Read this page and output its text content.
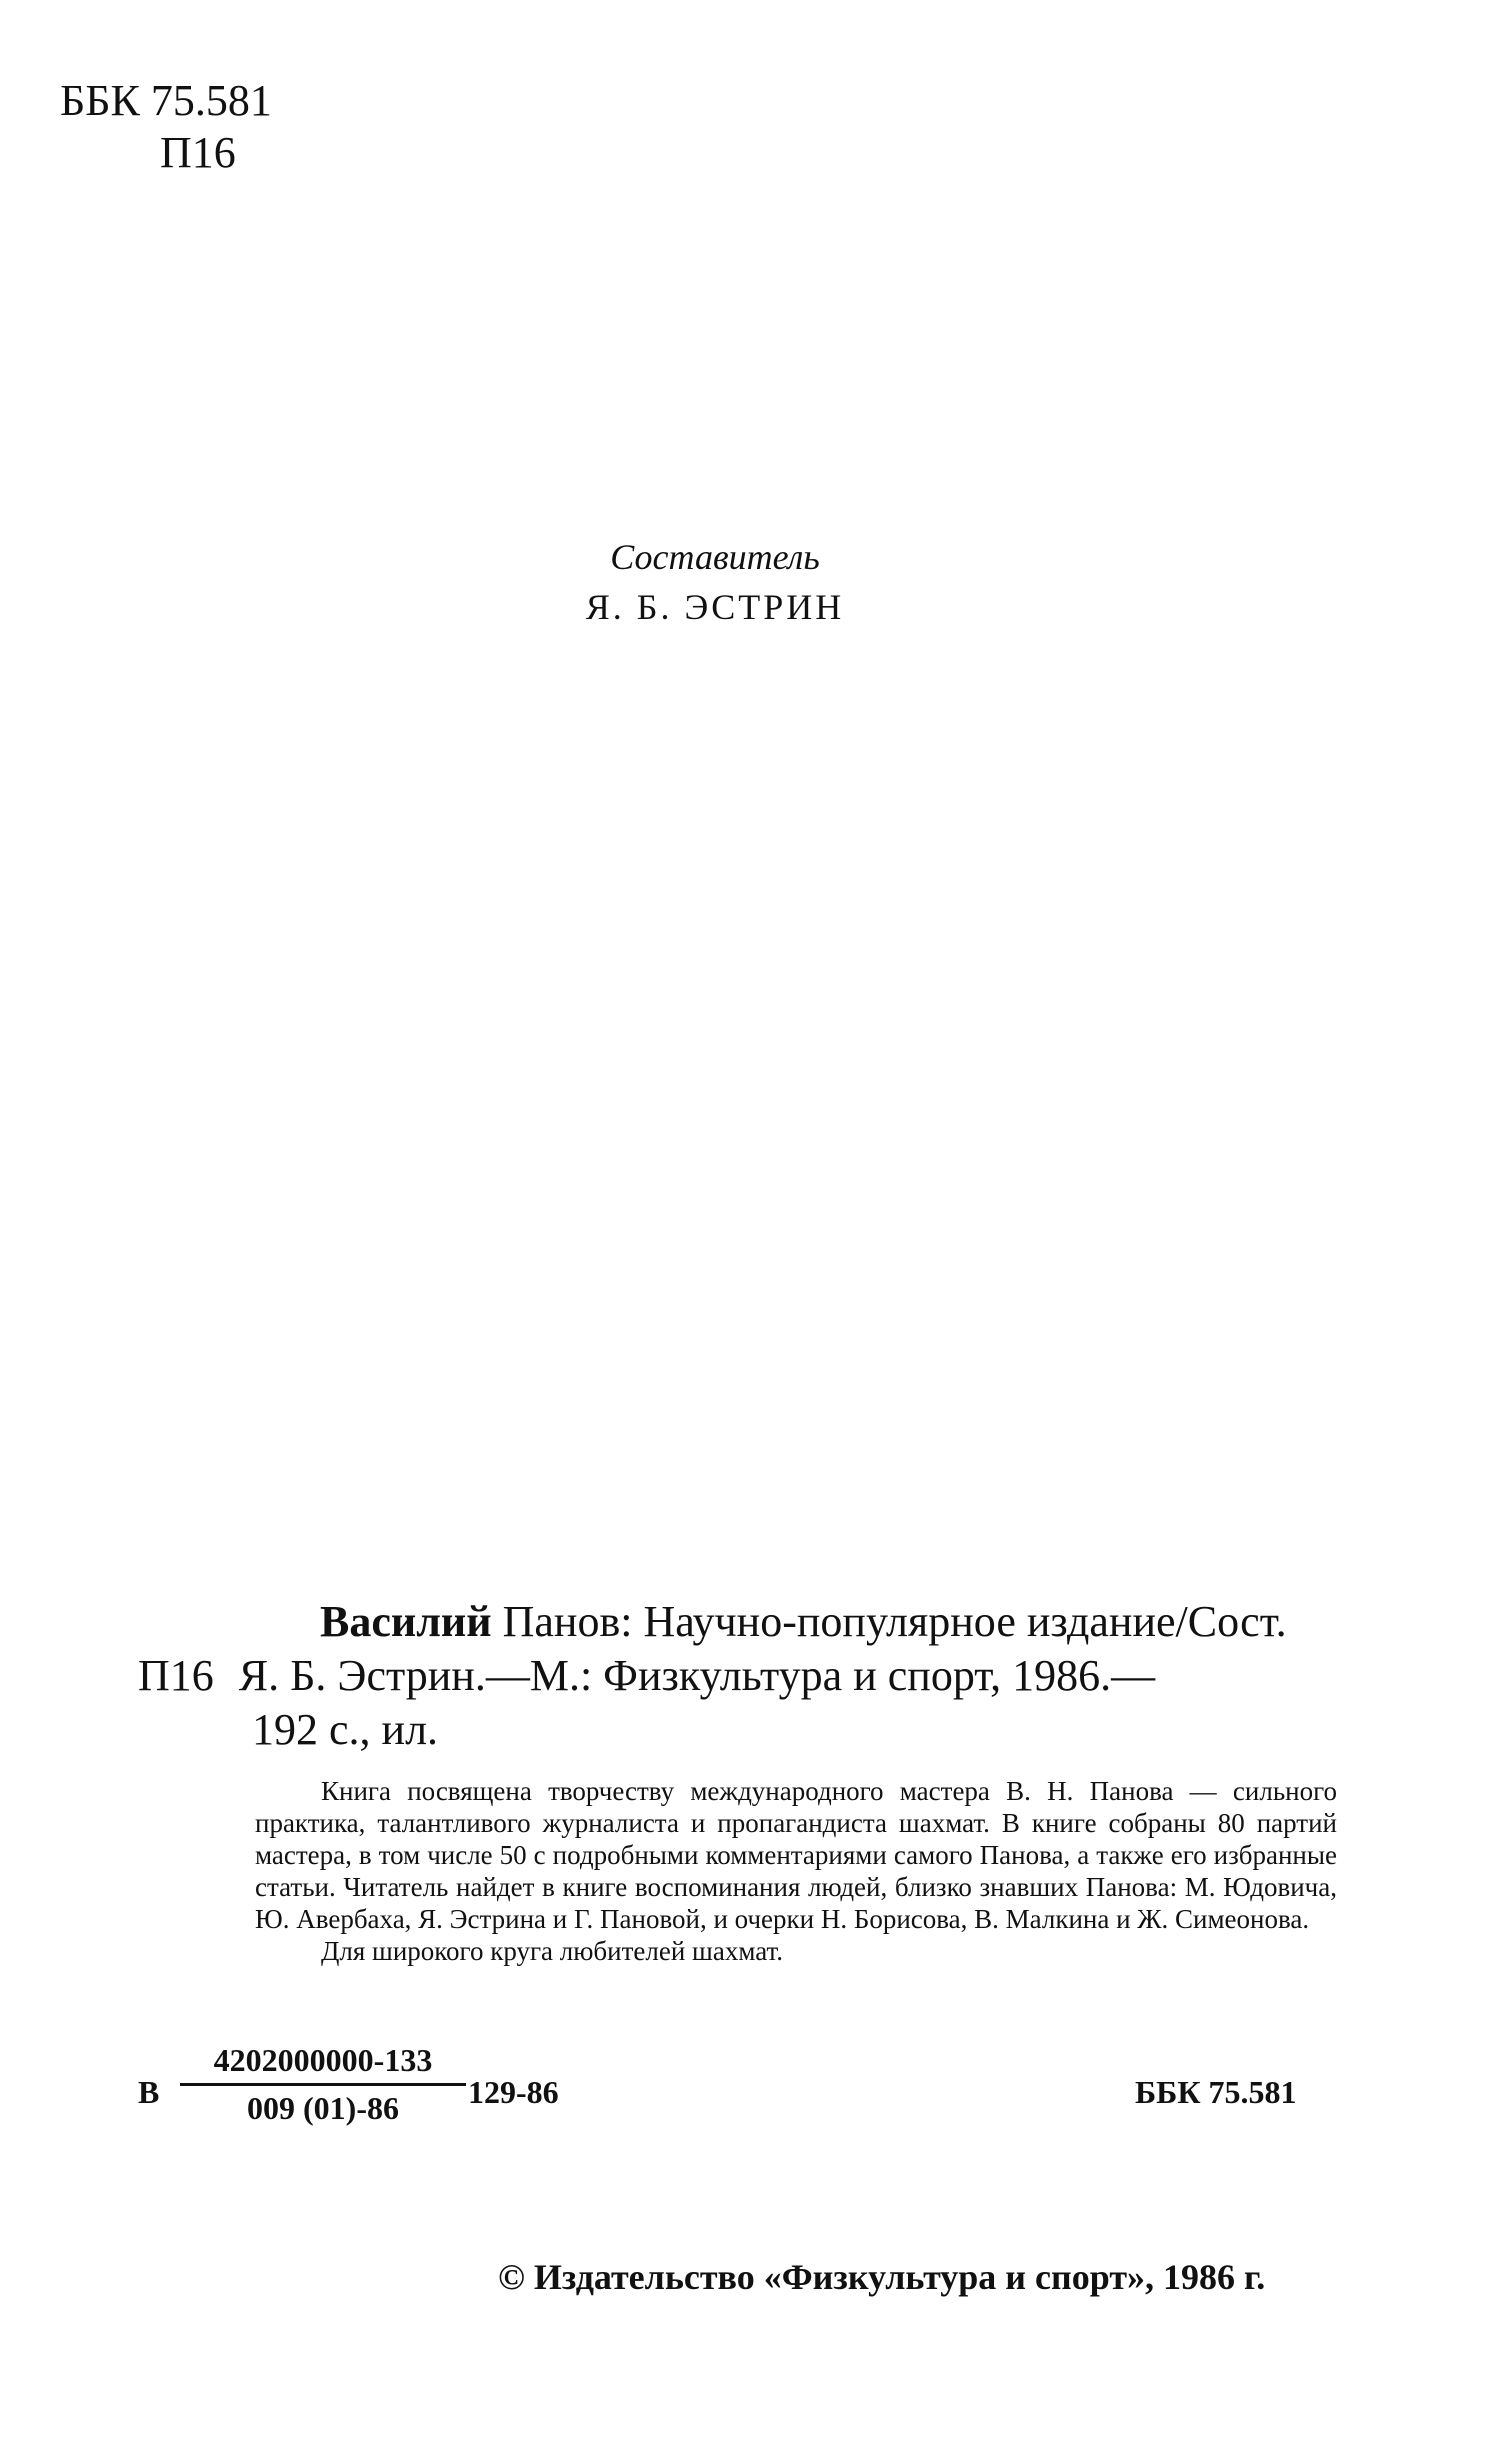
ББК 75.581
П16
Составитель
Я. Б. ЭСТРИН
Василий Панов: Научно-популярное издание/Сост.
П16 Я. Б. Эстрин.—М.: Физкультура и спорт, 1986.—
192 с., ил.
Книга посвящена творчеству международного мастера В. Н. Панова — сильного практика, талантливого журналиста и пропагандиста шахмат. В книге собраны 80 партий мастера, в том числе 50 с подробными комментариями самого Панова, а также его избранные статьи. Читатель найдет в книге воспоминания людей, близко знавших Панова: М. Юдовича, Ю. Авербаха, Я. Эстрина и Г. Пановой, и очерки Н. Борисова, В. Малкина и Ж. Симеонова.
Для широкого круга любителей шахмат.
В
4202000000-133
009 (01)-86	129-86	ББК 75.581
© Издательство «Физкультура и спорт», 1986 г.
